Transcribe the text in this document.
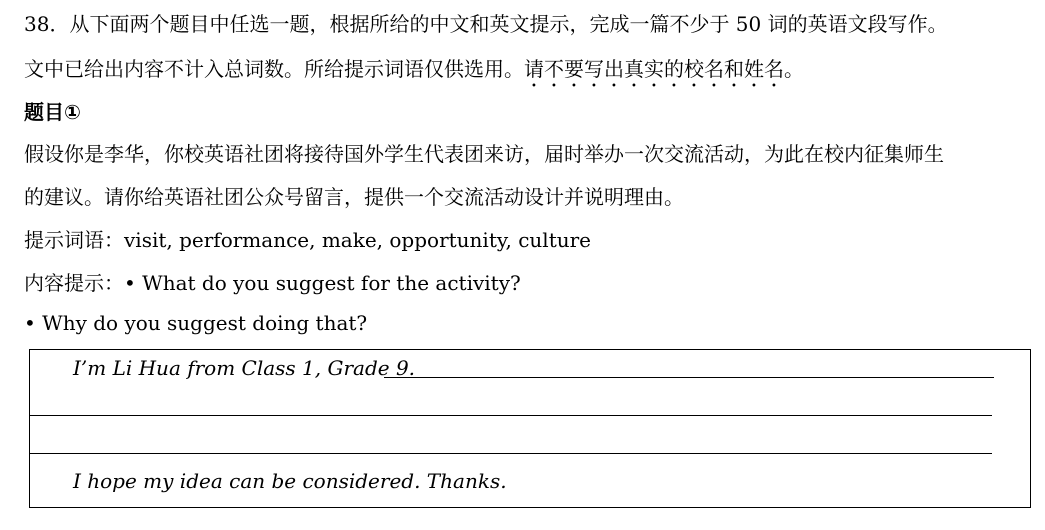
38．从下面两个题目中任选一题，根据所给的中文和英文提示，完成一篇不少于 50 词的英语文段写作。
文中已给出内容不计入总词数。所给提示词语仅供选用。请不要写出真实的校名和姓名。
题目①
假设你是李华，你校英语社团将接待国外学生代表团来访，届时举办一次交流活动，为此在校内征集师生
的建议。请你给英语社团公众号留言，提供一个交流活动设计并说明理由。
提示词语：visit, performance, make, opportunity, culture
内容提示：• What do you suggest for the activity?
• Why do you suggest doing that?
I’m Li Hua from Class 1, Grade 9.
I hope my idea can be considered. Thanks.
